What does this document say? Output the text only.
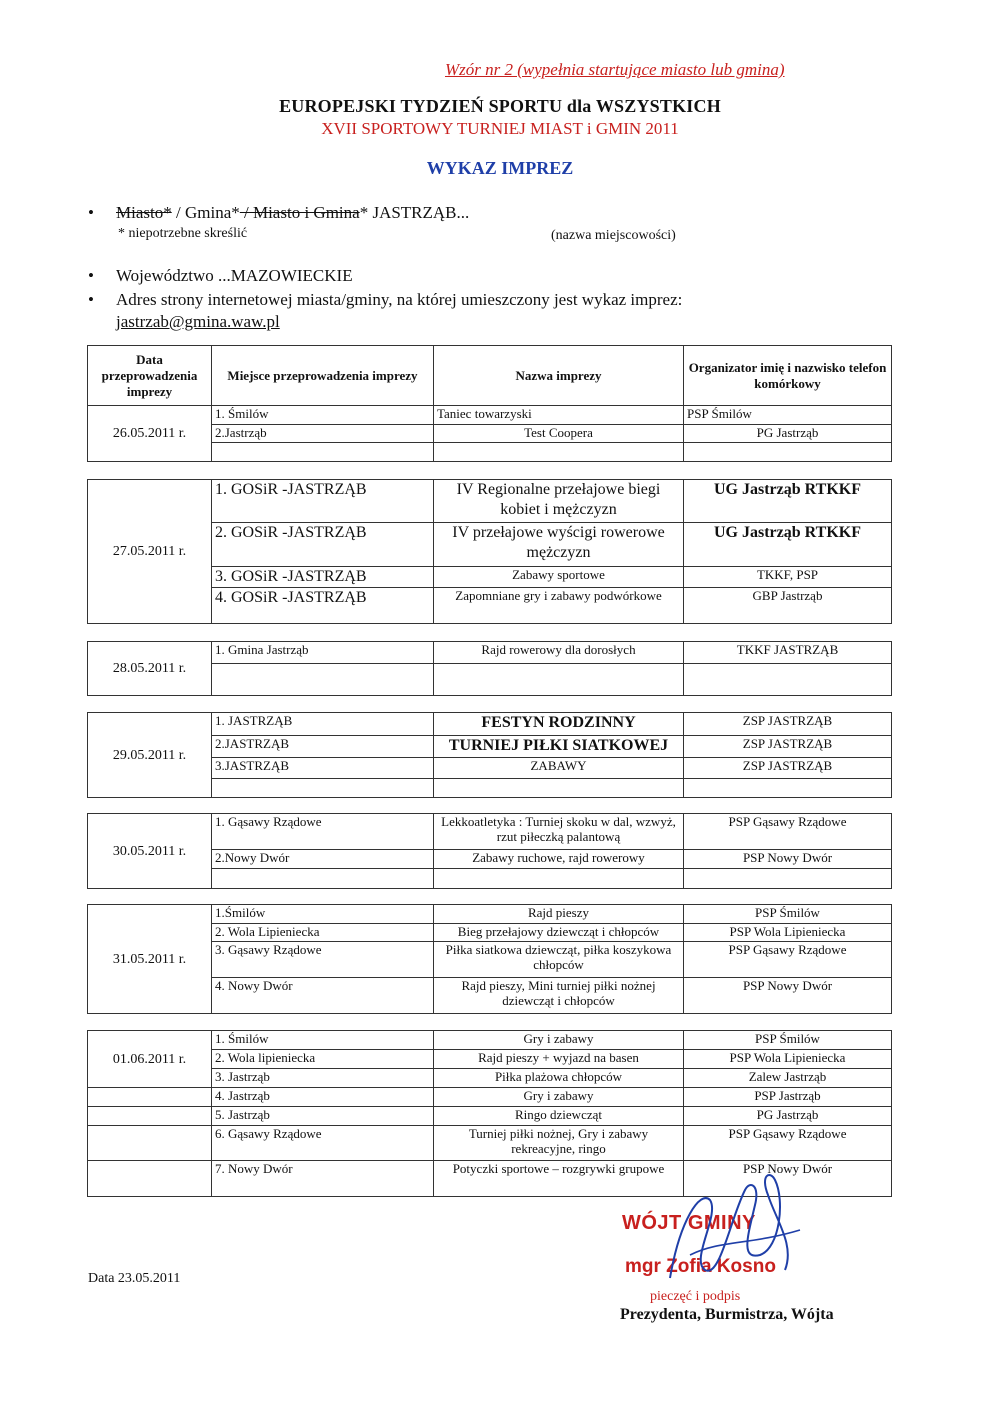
Wzór nr 2 (wypełnia startujące miasto lub gmina)
EUROPEJSKI TYDZIEŃ SPORTU dla WSZYSTKICH
XVII SPORTOWY TURNIEJ MIAST i GMIN 2011
WYKAZ IMPREZ
• Miasto* / Gmina* / Miasto i Gmina* JASTRZĄB...
* niepotrzebne skreślić	(nazwa miejscowości)
• Województwo ...MAZOWIECKIE
• Adres strony internetowej miasta/gminy, na której umieszczony jest wykaz imprez:
jastrzab@gmina.waw.pl
Data przeprowadzenia imprezy	Miejsce przeprowadzenia imprezy	Nazwa imprezy	Organizator imię i nazwisko telefon komórkowy
26.05.2011 r.	1. Śmilów	Taniec towarzyski	PSP Śmilów
	2.Jastrząb	Test Coopera	PG Jastrząb

27.05.2011 r.	1. GOSiR -JASTRZĄB	IV Regionalne przełajowe biegi kobiet i mężczyzn	UG Jastrząb RTKKF
	2. GOSiR -JASTRZĄB	IV przełajowe wyścigi rowerowe mężczyzn	UG Jastrząb RTKKF
	3. GOSiR -JASTRZĄB	Zabawy sportowe	TKKF, PSP
	4. GOSiR -JASTRZĄB	Zapomniane gry i zabawy podwórkowe	GBP Jastrząb
28.05.2011 r.	1. Gmina Jastrząb	Rajd rowerowy dla dorosłych	TKKF JASTRZĄB

29.05.2011 r.	1. JASTRZĄB	FESTYN RODZINNY	ZSP JASTRZĄB
	2.JASTRZĄB	TURNIEJ PIŁKI SIATKOWEJ	ZSP JASTRZĄB
	3.JASTRZĄB	ZABAWY	ZSP JASTRZĄB

30.05.2011 r.	1. Gąsawy Rządowe	Lekkoatletyka : Turniej skoku w dal, wzwyż, rzut piłeczką palantową	PSP Gąsawy Rządowe
	2.Nowy Dwór	Zabawy ruchowe, rajd rowerowy	PSP Nowy Dwór

31.05.2011 r.	1.Śmilów	Rajd pieszy	PSP Śmilów
	2. Wola Lipieniecka	Bieg przełajowy dziewcząt i chłopców	PSP Wola Lipieniecka
	3. Gąsawy Rządowe	Piłka siatkowa dziewcząt, piłka koszykowa chłopców	PSP Gąsawy Rządowe
	4. Nowy Dwór	Rajd pieszy, Mini turniej piłki nożnej dziewcząt i chłopców	PSP Nowy Dwór
01.06.2011 r.	1. Śmilów	Gry i zabawy	PSP Śmilów
	2. Wola lipieniecka	Rajd pieszy + wyjazd na basen	PSP Wola Lipieniecka
	3. Jastrząb	Piłka plażowa chłopców	Zalew Jastrząb
	4. Jastrząb	Gry i zabawy	PSP Jastrząb
	5. Jastrząb	Ringo dziewcząt	PG Jastrząb
	6. Gąsawy Rządowe	Turniej piłki nożnej, Gry i zabawy rekreacyjne, ringo	PSP Gąsawy Rządowe
	7. Nowy Dwór	Potyczki sportowe – rozgrywki grupowe	PSP Nowy Dwór
Data 23.05.2011
WÓJT GMINY
mgr Zofia Kosno
pieczęć i podpis
Prezydenta, Burmistrza, Wójta
